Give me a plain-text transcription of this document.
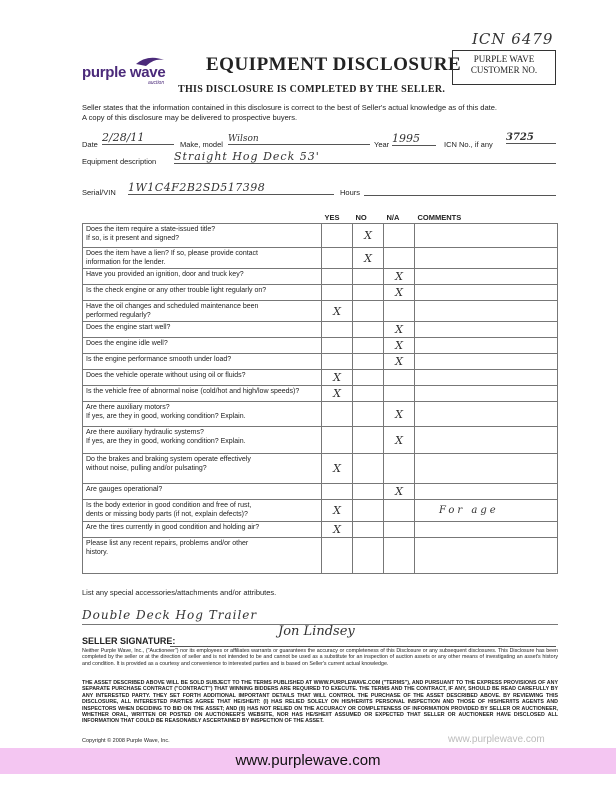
purple wave
auction
EQUIPMENT DISCLOSURE
THIS DISCLOSURE IS COMPLETED BY THE SELLER.
ICN 6479
PURPLE WAVE
CUSTOMER NO.
Seller states that the information contained in this disclosure is correct to the best of Seller's actual knowledge as of this date.
A copy of this disclosure may be delivered to prospective buyers.
Date
2/28/11
Make, model
Wilson
Year 1995	ICN No., if any
3725
Equipment description Straight Hog Deck 53'
Serial/VIN 1W1C4F2B2SD517398	Hours
	YES	NO	N/A	COMMENTS

Does the item require a state-issued title?
If so, is it present and signed?		X		

Does the item have a lien? If so, please provide contact
information for the lender.		X		

Have you provided an ignition, door and truck key?			X	

Is the check engine or any other trouble light regularly on?			X	

Have the oil changes and scheduled maintenance been
performed regularly?	X			

Does the engine start well?			X	

Does the engine idle well?			X	

Is the engine performance smooth under load?			X	

Does the vehicle operate without using oil or fluids?	X			

Is the vehicle free of abnormal noise (cold/hot and high/low speeds)?	X			

Are there auxiliary motors?
If yes, are they in good, working condition? Explain.			X	

Are there auxiliary hydraulic systems?
If yes, are they in good, working condition? Explain.			X	

Do the brakes and braking system operate effectively
without noise, pulling and/or pulsating?	X			

Are gauges operational?			X	

Is the body exterior in good condition and free of rust,
dents or missing body parts (if not, explain defects)?	X			For age

Are the tires currently in good condition and holding air?	X			

Please list any recent repairs, problems and/or other
history.				

List any special accessories/attachments and/or attributes.
Double Deck Hog Trailer
SELLER SIGNATURE:
Jon Lindsey
Neither Purple Wave, Inc., ("Auctioneer") nor its employees or affiliates warrants or guarantees the accuracy or completeness of this Disclosure or any subsequent disclosures. This Disclosure has been completed by the seller or at the direction of seller and is not intended to be and cannot be used as a substitute for an inspection of auction assets or any other means of investigating an asset's history and condition. It is provided as a courtesy and convenience to interested parties and is based on Seller's current actual knowledge.
THE ASSET DESCRIBED ABOVE WILL BE SOLD SUBJECT TO THE TERMS PUBLISHED AT WWW.PURPLEWAVE.COM ("TERMS"), AND PURSUANT TO THE EXPRESS PROVISIONS OF ANY SEPARATE PURCHASE CONTRACT ("CONTRACT") THAT WINNING BIDDERS ARE REQUIRED TO EXECUTE. THE TERMS AND THE CONTRACT, IF ANY, SHOULD BE READ CAREFULLY BY ANY INTERESTED PARTY. THEY SET FORTH ADDITIONAL IMPORTANT DETAILS THAT WILL CONTROL THE PURCHASE OF THE ASSET DESCRIBED ABOVE. BY REVIEWING THIS DISCLOSURE, ALL INTERESTED PARTIES AGREE THAT HE/SHE/IT: (I) HAS RELIED SOLELY ON HIS/HER/ITS PERSONAL INSPECTION AND THOSE OF HIS/HER/ITS AGENTS AND INSPECTORS WHEN DECIDING TO BID ON THE ASSET; AND (II) HAS NOT RELIED ON THE ACCURACY OR COMPLETENESS OF INFORMATION PROVIDED BY SELLER OR AUCTIONEER, WHETHER ORAL, WRITTEN OR POSTED ON AUCTIONEER'S WEBSITE, NOR HAS HE/SHE/IT ASSUMED OR EXPECTED THAT SELLER OR AUCTIONEER HAVE DISCLOSED ALL INFORMATION THAT COULD BE REASONABLY ASCERTAINED BY INSPECTION OF THE ASSET.
Copyright © 2008 Purple Wave, Inc.	www.purplewave.com
www.purplewave.com
